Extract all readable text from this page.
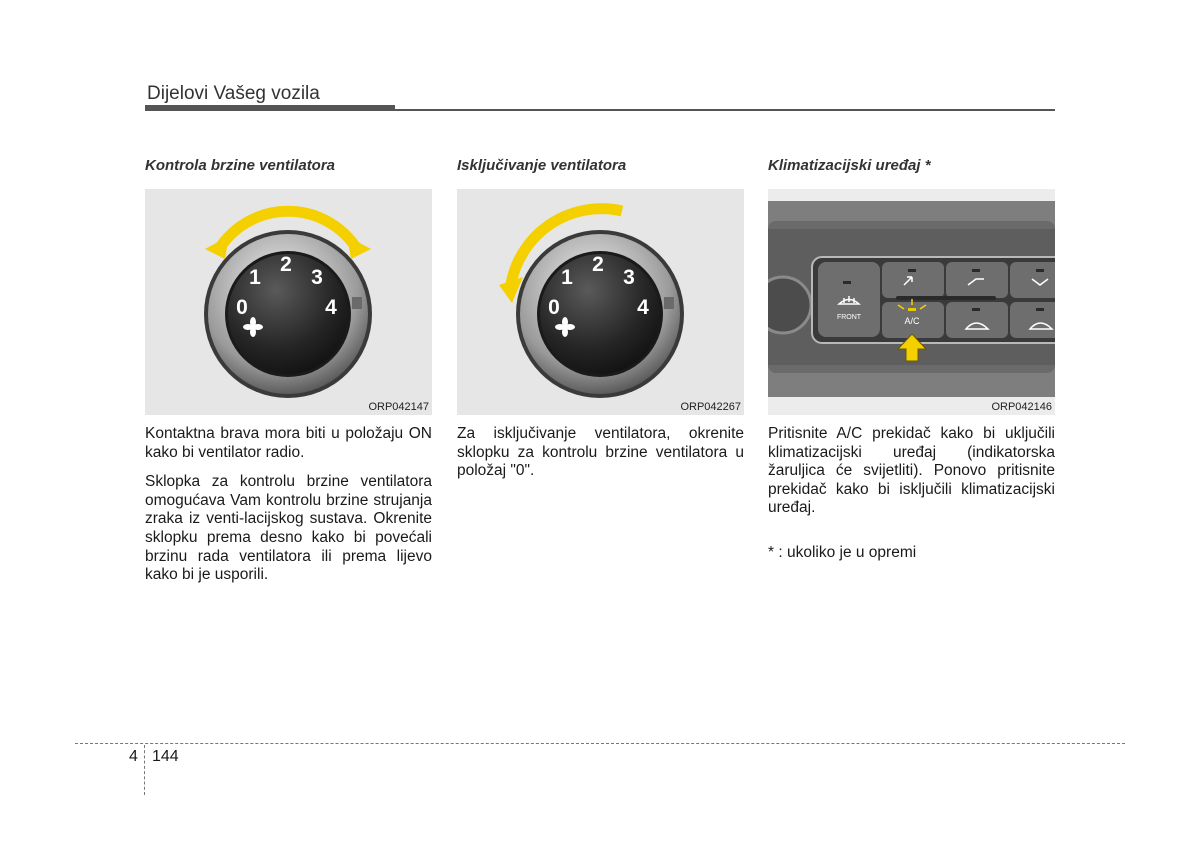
Dijelovi Vašeg vozila
Kontrola brzine ventilatora
0
1
2
3
4
ORP042147

Kontaktna brava mora biti u položaju ON kako bi ventilator radio.

Sklopka za kontrolu brzine ventilatora omogućava Vam kontrolu brzine strujanja zraka iz venti-lacijskog sustava. Okrenite sklopku prema desno kako bi povećali brzinu rada ventilatora ili prema lijevo kako bi je usporili.

Isključivanje ventilatora
0
1
2
3
4
ORP042267

Za isključivanje ventilatora, okrenite sklopku za kontrolu brzine ventilatora u položaj "0".

Klimatizacijski uređaj *
FRONT	A/C
ORP042146

Pritisnite A/C prekidač kako bi uključili klimatizacijski uređaj (indikatorska žaruljica će svijetliti). Ponovo pritisnite prekidač kako bi isključili klimatizacijski uređaj.

* : ukoliko je u opremi
4 144
